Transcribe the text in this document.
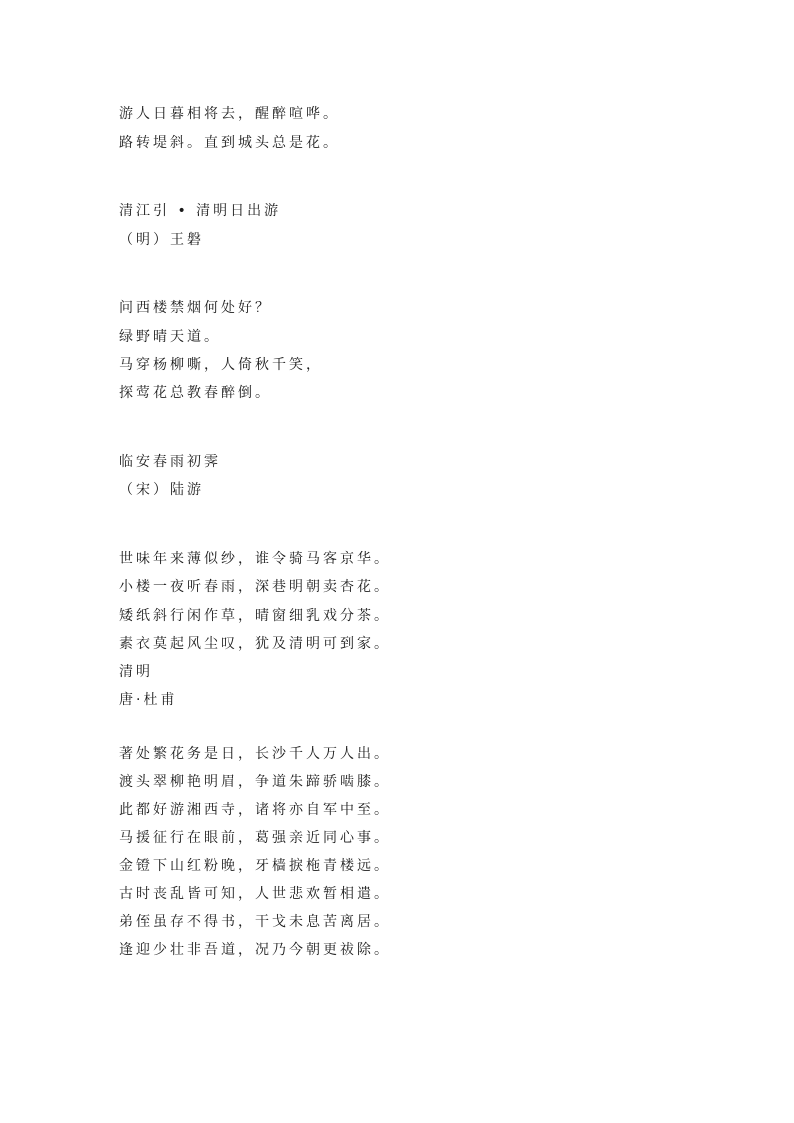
游人日暮相将去，醒醉喧哗。
路转堤斜。直到城头总是花。
清江引 • 清明日出游
（明）王磐
问西楼禁烟何处好？
绿野晴天道。
马穿杨柳嘶，人倚秋千笑，
探莺花总教春醉倒。
临安春雨初霁
（宋）陆游
世味年来薄似纱，谁令骑马客京华。
小楼一夜听春雨，深巷明朝卖杏花。
矮纸斜行闲作草，晴窗细乳戏分茶。
素衣莫起风尘叹，犹及清明可到家。
清明
唐·杜甫
著处繁花务是日，长沙千人万人出。
渡头翠柳艳明眉，争道朱蹄骄啮膝。
此都好游湘西寺，诸将亦自军中至。
马援征行在眼前，葛强亲近同心事。
金镫下山红粉晚，牙樯捩柂青楼远。
古时丧乱皆可知，人世悲欢暂相遣。
弟侄虽存不得书，干戈未息苦离居。
逢迎少壮非吾道，况乃今朝更祓除。
